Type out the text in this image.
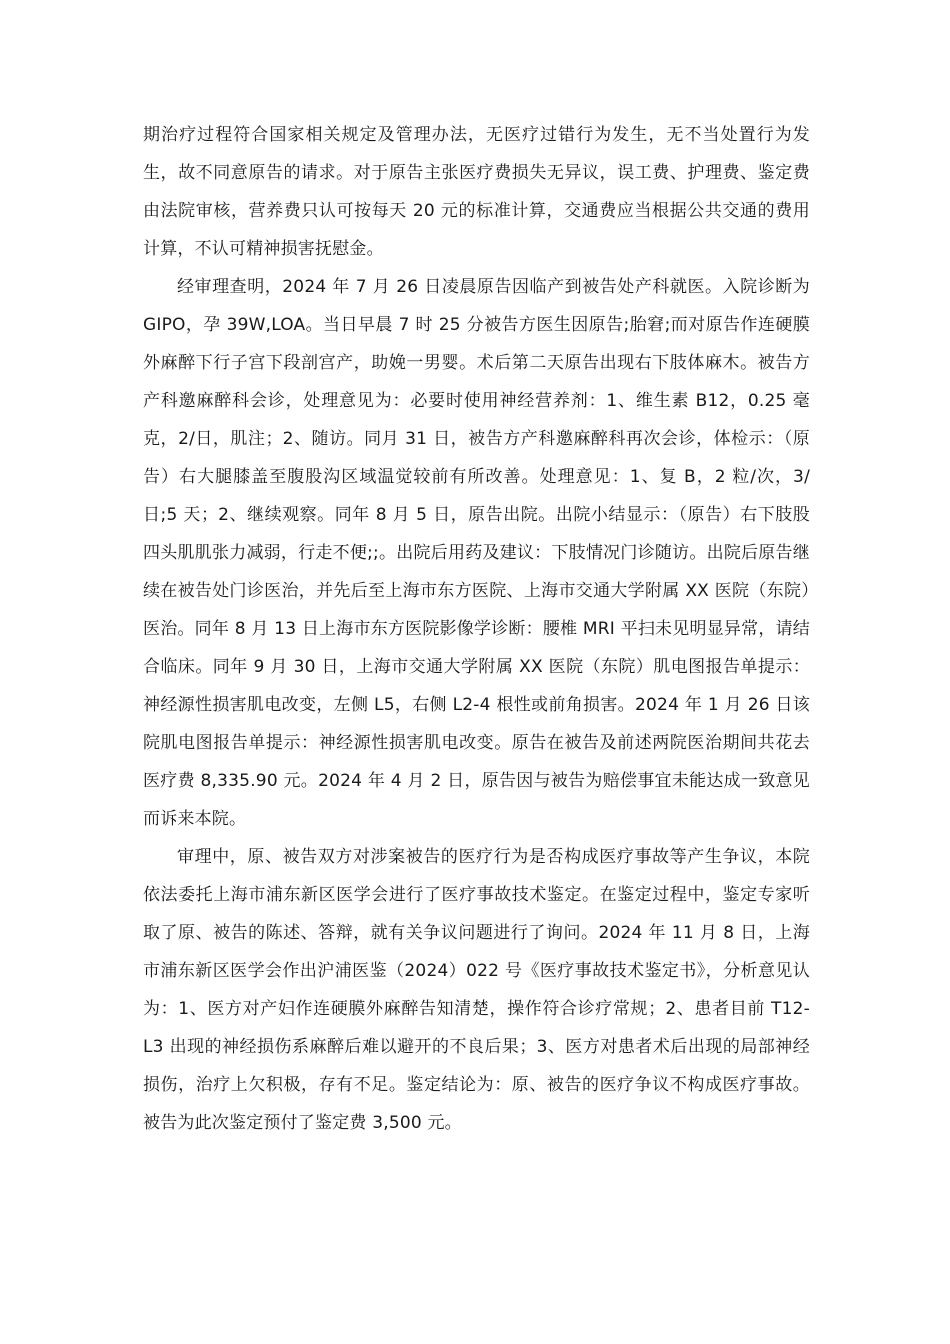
期治疗过程符合国家相关规定及管理办法，无医疗过错行为发生，无不当处置行为发生，故不同意原告的请求。对于原告主张医疗费损失无异议，误工费、护理费、鉴定费由法院审核，营养费只认可按每天 20 元的标准计算，交通费应当根据公共交通的费用计算，不认可精神损害抚慰金。

经审理查明，2024 年 7 月 26 日凌晨原告因临产到被告处产科就医。入院诊断为 GIPO，孕 39W,LOA。当日早晨 7 时 25 分被告方医生因原告;胎窘;而对原告作连硬膜外麻醉下行子宫下段剖宫产，助娩一男婴。术后第二天原告出现右下肢体麻木。被告方产科邀麻醉科会诊，处理意见为：必要时使用神经营养剂：1、维生素 B12，0.25 毫克，2/日，肌注；2、随访。同月 31 日，被告方产科邀麻醉科再次会诊，体检示：（原告）右大腿膝盖至腹股沟区域温觉较前有所改善。处理意见：1、复 B，2 粒/次，3/日;5 天；2、继续观察。同年 8 月 5 日，原告出院。出院小结显示：（原告）右下肢股四头肌肌张力减弱，行走不便;;。出院后用药及建议：下肢情况门诊随访。出院后原告继续在被告处门诊医治，并先后至上海市东方医院、上海市交通大学附属 XX 医院（东院）医治。同年 8 月 13 日上海市东方医院影像学诊断：腰椎 MRI 平扫未见明显异常，请结合临床。同年 9 月 30 日，上海市交通大学附属 XX 医院（东院）肌电图报告单提示：神经源性损害肌电改变，左侧 L5，右侧 L2-4 根性或前角损害。2024 年 1 月 26 日该院肌电图报告单提示：神经源性损害肌电改变。原告在被告及前述两院医治期间共花去医疗费 8,335.90 元。2024 年 4 月 2 日，原告因与被告为赔偿事宜未能达成一致意见而诉来本院。

审理中，原、被告双方对涉案被告的医疗行为是否构成医疗事故等产生争议，本院依法委托上海市浦东新区医学会进行了医疗事故技术鉴定。在鉴定过程中，鉴定专家听取了原、被告的陈述、答辩，就有关争议问题进行了询问。2024 年 11 月 8 日，上海市浦东新区医学会作出沪浦医鉴（2024）022 号《医疗事故技术鉴定书》，分析意见认为：1、医方对产妇作连硬膜外麻醉告知清楚，操作符合诊疗常规；2、患者目前 T12-L3 出现的神经损伤系麻醉后难以避开的不良后果；3、医方对患者术后出现的局部神经损伤，治疗上欠积极，存有不足。鉴定结论为：原、被告的医疗争议不构成医疗事故。被告为此次鉴定预付了鉴定费 3,500 元。
